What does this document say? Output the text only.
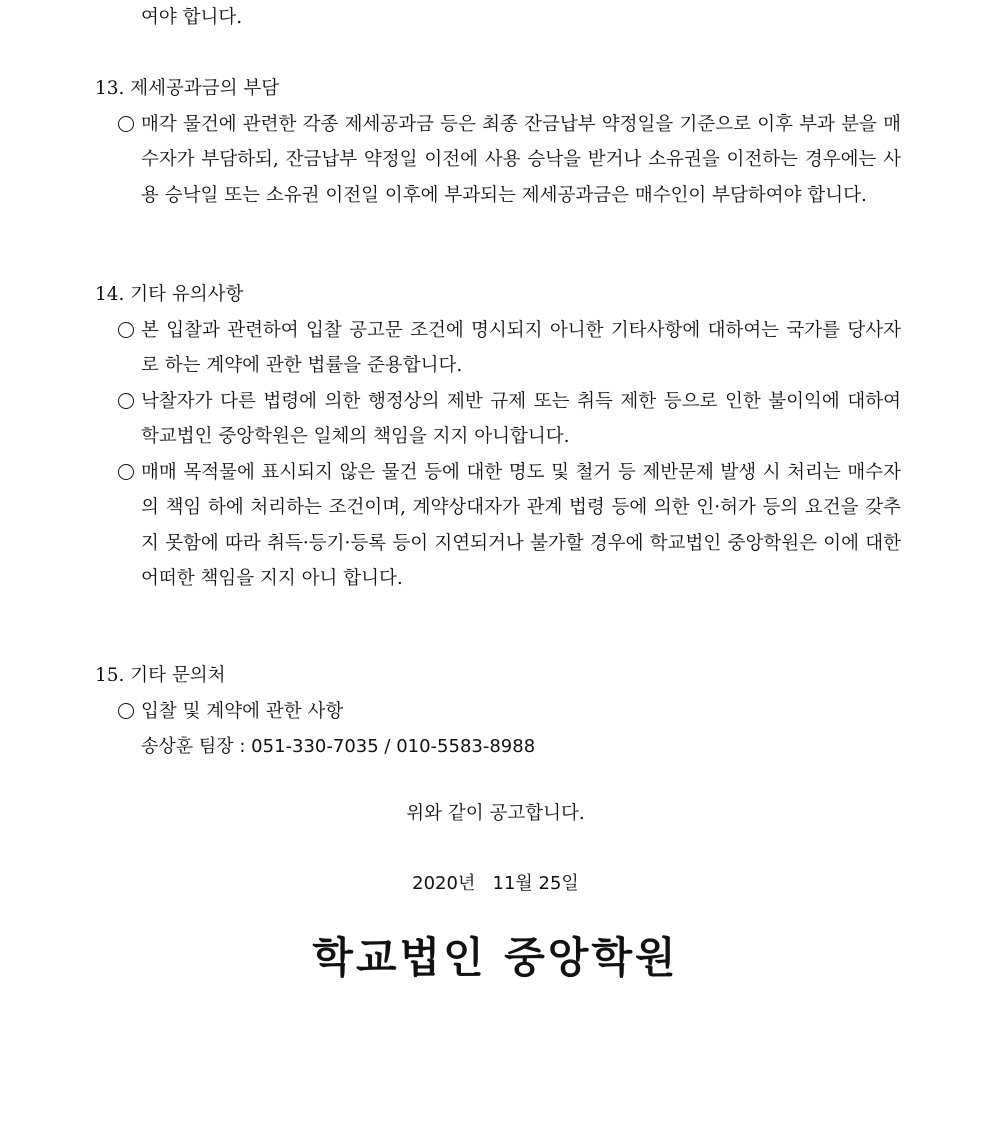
여야 합니다.
13. 제세공과금의 부담
매각 물건에 관련한 각종 제세공과금 등은 최종 잔금납부 약정일을 기준으로 이후 부과 분을 매수자가 부담하되, 잔금납부 약정일 이전에 사용 승낙을 받거나 소유권을 이전하는 경우에는 사용 승낙일 또는 소유권 이전일 이후에 부과되는 제세공과금은 매수인이 부담하여야 합니다.
14. 기타 유의사항
본 입찰과 관련하여 입찰 공고문 조건에 명시되지 아니한 기타사항에 대하여는 국가를 당사자로 하는 계약에 관한 법률을 준용합니다.
낙찰자가 다른 법령에 의한 행정상의 제반 규제 또는 취득 제한 등으로 인한 불이익에 대하여 학교법인 중앙학원은 일체의 책임을 지지 아니합니다.
매매 목적물에 표시되지 않은 물건 등에 대한 명도 및 철거 등 제반문제 발생 시 처리는 매수자의 책임 하에 처리하는 조건이며, 계약상대자가 관계 법령 등에 의한 인·허가 등의 요건을 갖추지 못함에 따라 취득·등기·등록 등이 지연되거나 불가할 경우에 학교법인 중앙학원은 이에 대한 어떠한 책임을 지지 아니 합니다.
15. 기타 문의처
입찰 및 계약에 관한 사항
송상훈 팀장 : 051-330-7035 / 010-5583-8988
위와 같이 공고합니다.
2020년   11월 25일
학교법인 중앙학원
